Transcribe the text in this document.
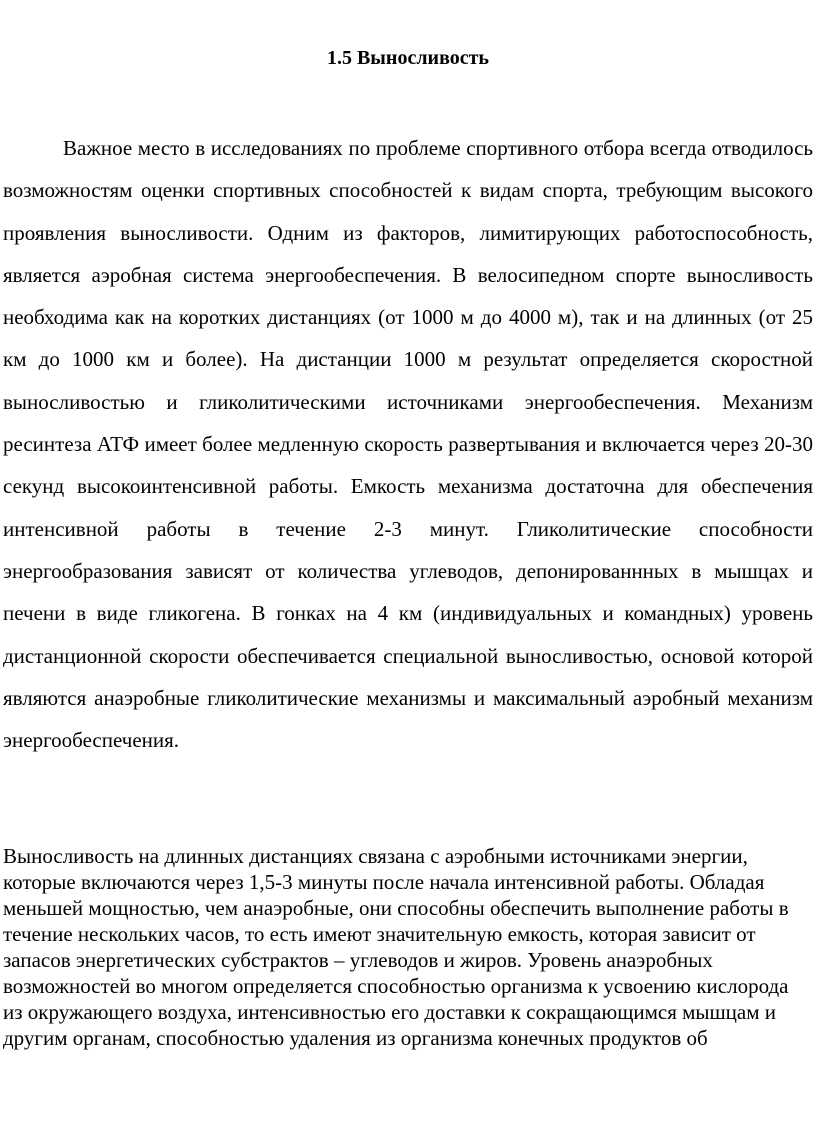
1.5 Выносливость

Важное место в исследованиях по проблеме спортивного отбора всегда отводилось возможностям оценки спортивных способностей к видам спорта, требующим высокого проявления выносливости. Одним из факторов, лимитирующих работоспособность, является аэробная система энергообеспечения. В велосипедном спорте выносливость необходима как на коротких дистанциях (от 1000 м до 4000 м), так и на длинных (от 25 км до 1000 км и более). На дистанции 1000 м результат определяется скоростной выносливостью и гликолитическими источниками энергообеспечения. Механизм ресинтеза АТФ имеет более медленную скорость развертывания и включается через 20-30 секунд высокоинтенсивной работы. Емкость механизма достаточна для обеспечения интенсивной работы в течение 2-3 минут. Гликолитические способности энергообразования зависят от количества углеводов, депонированнных в мышцах и печени в виде гликогена. В гонках на 4 км (индивидуальных и командных) уровень дистанционной скорости обеспечивается специальной выносливостью, основой которой являются анаэробные гликолитические механизмы и максимальный аэробный механизм энергообеспечения.

Выносливость на длинных дистанциях связана с аэробными источниками энергии, которые включаются через 1,5-3 минуты после начала интенсивной работы. Обладая меньшей мощностью, чем анаэробные, они способны обеспечить выполнение работы в течение нескольких часов, то есть имеют значительную емкость, которая зависит от запасов энергетических субстрактов – углеводов и жиров. Уровень анаэробных возможностей во многом определяется способностью организма к усвоению кислорода из окружающего воздуха, интенсивностью его доставки к сокращающимся мышцам и другим органам, способностью удаления из организма конечных продуктов об
